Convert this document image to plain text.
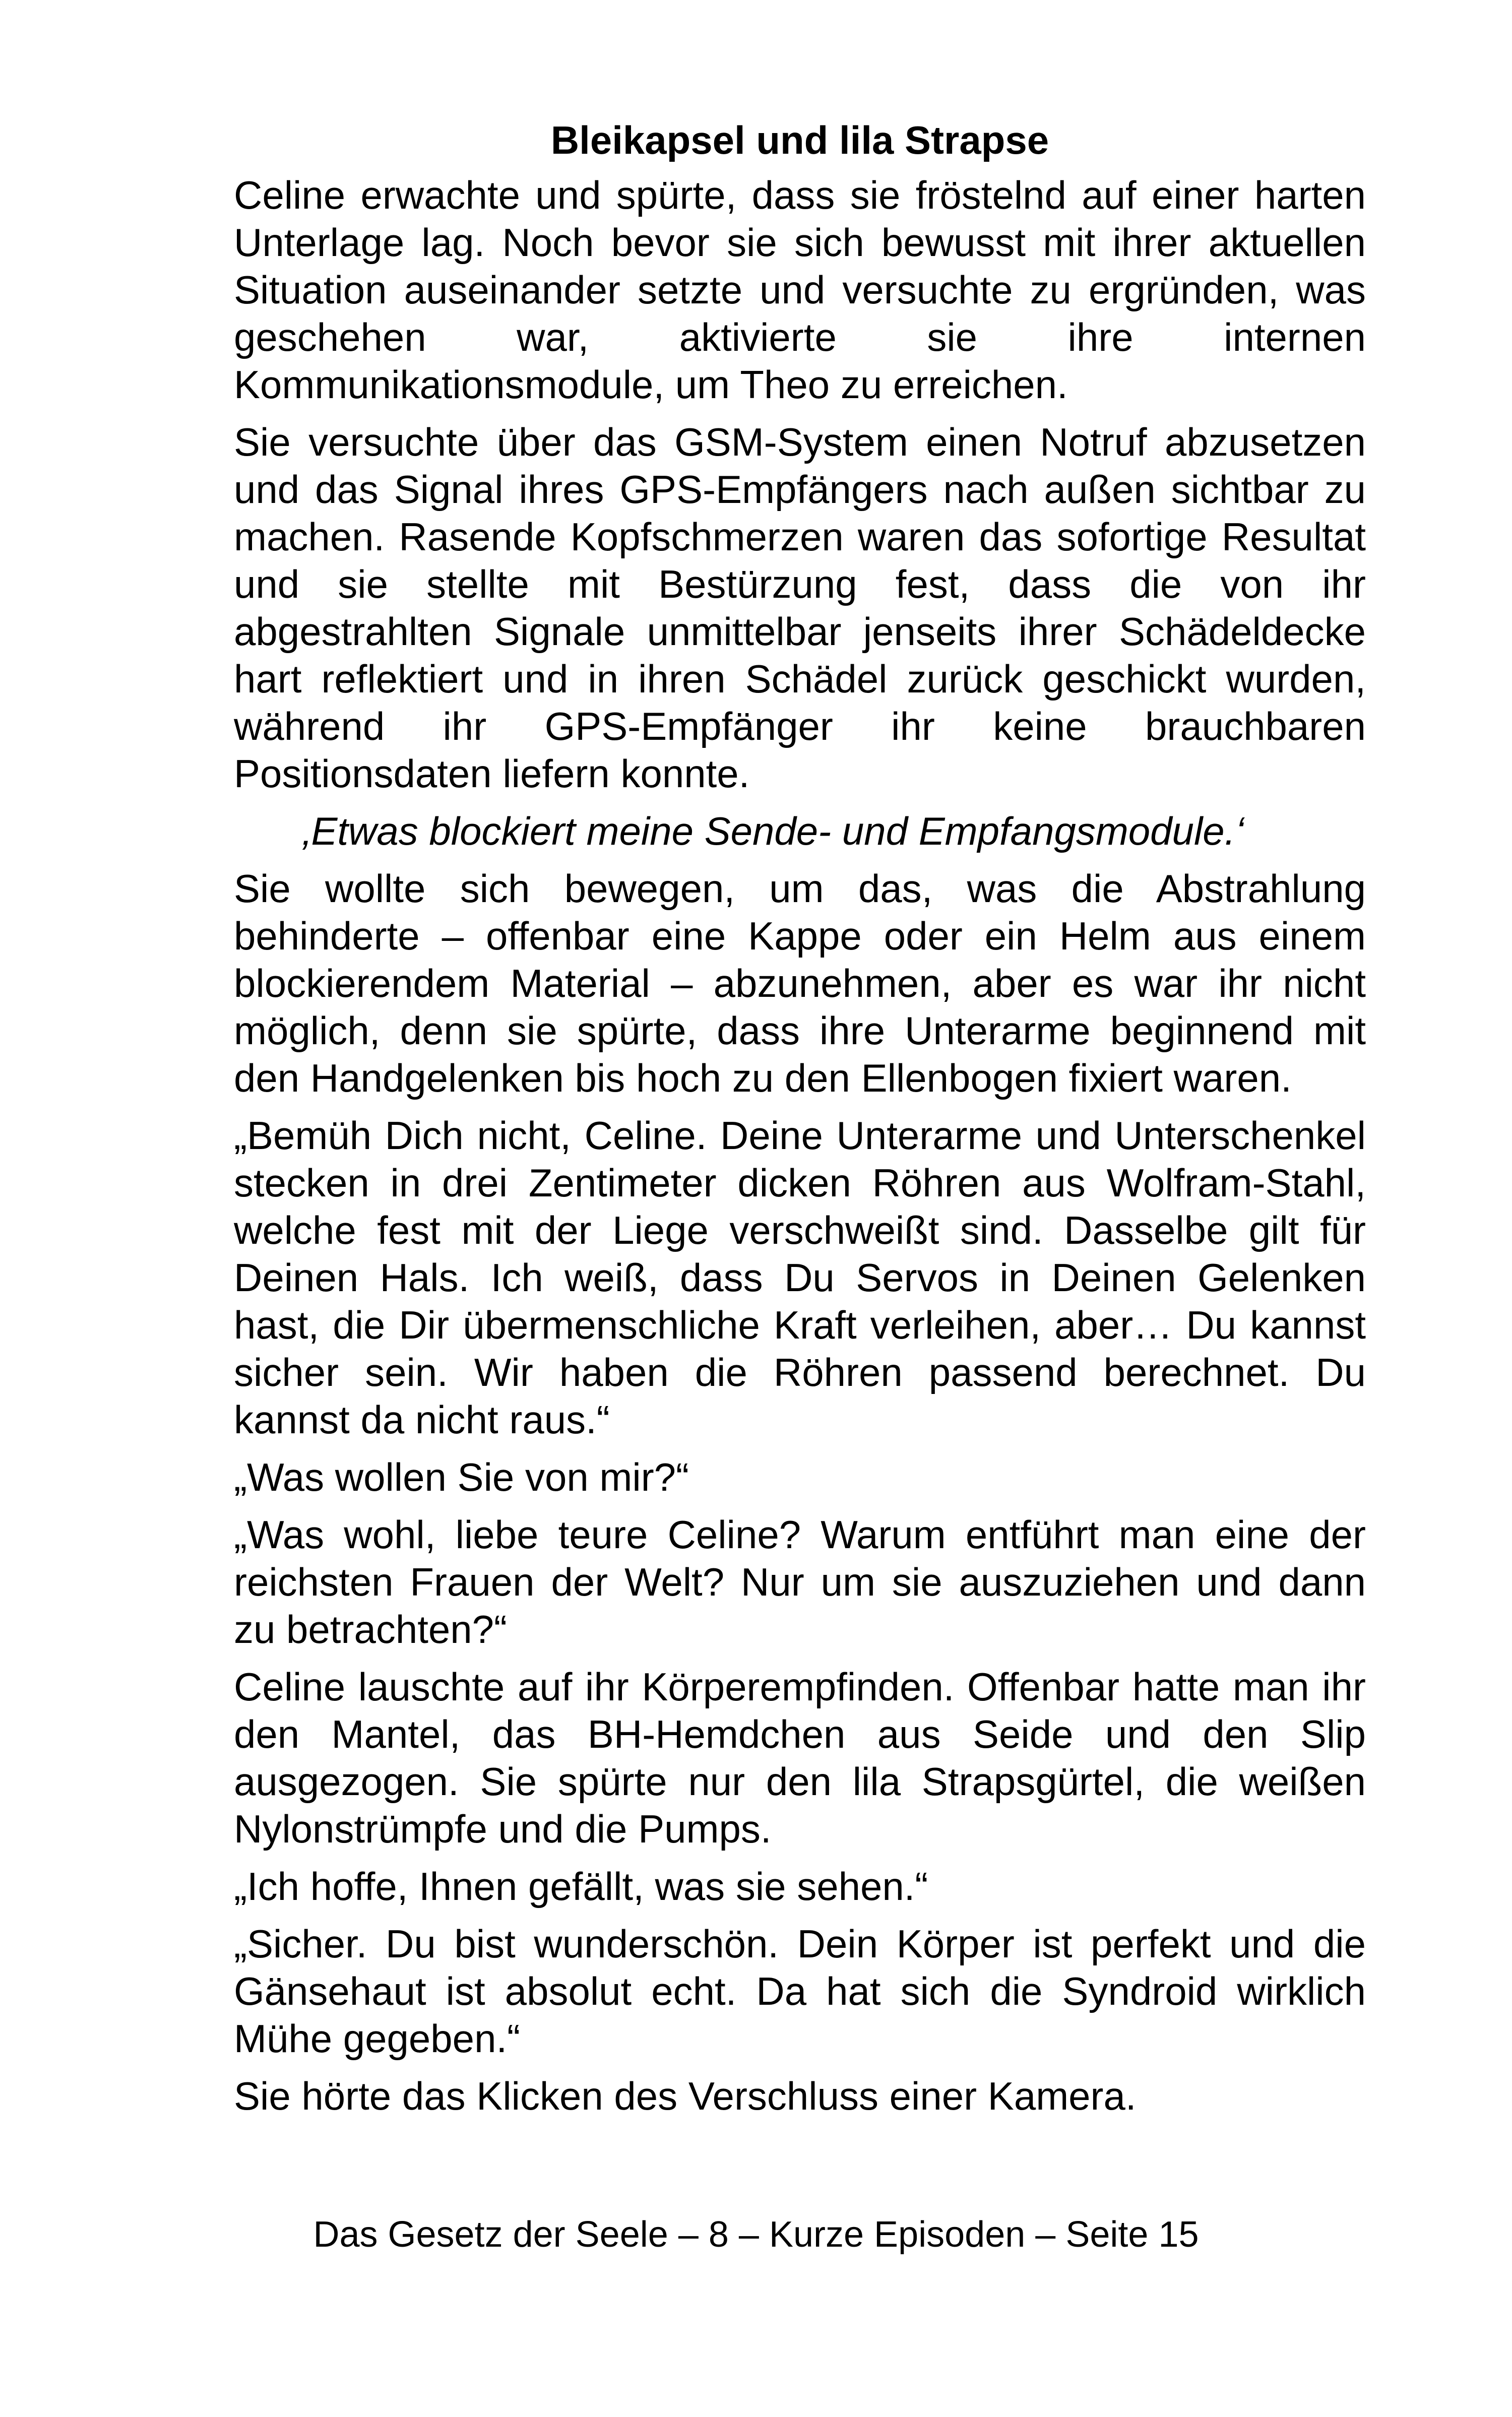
Bleikapsel und lila Strapse

Celine erwachte und spürte, dass sie fröstelnd auf einer harten Unterlage lag. Noch bevor sie sich bewusst mit ihrer aktuellen Situation auseinander setzte und versuchte zu ergründen, was geschehen war, aktivierte sie ihre internen Kommunikationsmodule, um Theo zu erreichen.

Sie versuchte über das GSM-System einen Notruf abzusetzen und das Signal ihres GPS-Empfängers nach außen sichtbar zu machen. Rasende Kopfschmerzen waren das sofortige Resultat und sie stellte mit Bestürzung fest, dass die von ihr abgestrahlten Signale unmittelbar jenseits ihrer Schädeldecke hart reflektiert und in ihren Schädel zurück geschickt wurden, während ihr GPS-Empfänger ihr keine brauchbaren Positionsdaten liefern konnte.

‚Etwas blockiert meine Sende- und Empfangsmodule.‘

Sie wollte sich bewegen, um das, was die Abstrahlung behinderte – offenbar eine Kappe oder ein Helm aus einem blockierendem Material – abzunehmen, aber es war ihr nicht möglich, denn sie spürte, dass ihre Unterarme beginnend mit den Handgelenken bis hoch zu den Ellenbogen fixiert waren.

„Bemüh Dich nicht, Celine. Deine Unterarme und Unterschenkel stecken in drei Zentimeter dicken Röhren aus Wolfram-Stahl, welche fest mit der Liege verschweißt sind. Dasselbe gilt für Deinen Hals. Ich weiß, dass Du Servos in Deinen Gelenken hast, die Dir übermenschliche Kraft verleihen, aber… Du kannst sicher sein. Wir haben die Röhren passend berechnet. Du kannst da nicht raus.“

„Was wollen Sie von mir?“

„Was wohl, liebe teure Celine? Warum entführt man eine der reichsten Frauen der Welt? Nur um sie auszuziehen und dann zu betrachten?“

Celine lauschte auf ihr Körperempfinden. Offenbar hatte man ihr den Mantel, das BH-Hemdchen aus Seide und den Slip ausgezogen. Sie spürte nur den lila Strapsgürtel, die weißen Nylonstrümpfe und die Pumps.

„Ich hoffe, Ihnen gefällt, was sie sehen.“

„Sicher. Du bist wunderschön. Dein Körper ist perfekt und die Gänsehaut ist absolut echt. Da hat sich die Syndroid wirklich Mühe gegeben.“

Sie hörte das Klicken des Verschluss einer Kamera.

Das Gesetz der Seele – 8 – Kurze Episoden – Seite 15
